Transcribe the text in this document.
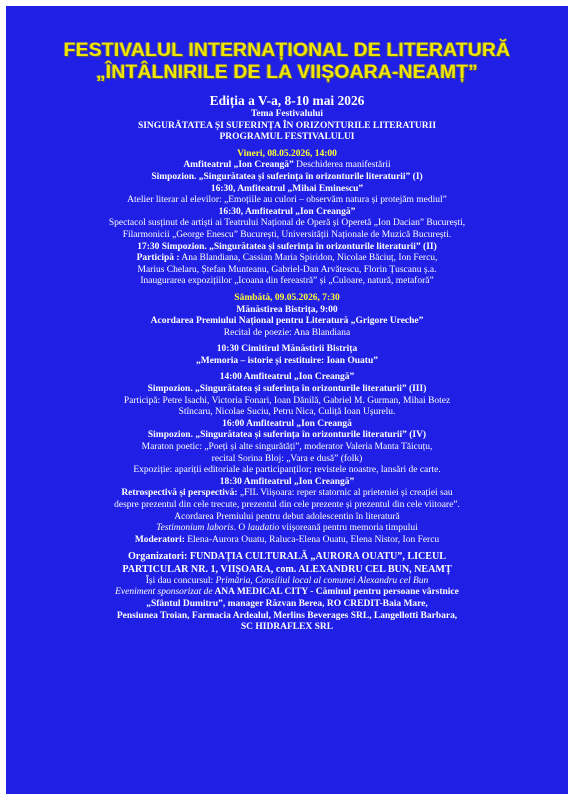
FESTIVALUL INTERNAȚIONAL DE LITERATURĂ
„ÎNTÂLNIRILE DE LA VIIȘOARA-NEAMȚ”
Ediția a V-a, 8-10 mai 2026
Tema Festivalului
SINGURĂTATEA ȘI SUFERINȚA ÎN ORIZONTURILE LITERATURII
PROGRAMUL FESTIVALULUI
Vineri, 08.05.2026, 14:00
Amfiteatrul „Ion Creangă” Deschiderea manifestării
Simpozion. „Singurătatea și suferința în orizonturile literaturii” (I)
16:30, Amfiteatrul „Mihai Eminescu”
Atelier literar al elevilor: „Emoțiile au culori – observăm natura și protejăm mediul”
16:30, Amfiteatrul „Ion Creangă”
Spectacol susținut de artiști ai Teatrului Național de Operă și Operetă „Ion Dacian” București,
Filarmonicii „George Enescu” București, Universității Naționale de Muzică București.
17:30 Simpozion. „Singurătatea și suferința în orizonturile literaturii” (II)
Participă : Ana Blandiana, Cassian Maria Spiridon, Nicolae Băciuț, Ion Fercu,
Marius Chelaru, Ștefan Munteanu, Gabriel-Dan Arvătescu, Florin Țuscanu ș.a.
Inaugurarea expozițiilor „Icoana din fereastră” și „Culoare, natură, metaforă”
Sâmbătă, 09.05.2026, 7:30
Mănăstirea Bistrița, 9:00
Acordarea Premiului Național pentru Literatură „Grigore Ureche”
Recital de poezie: Ana Blandiana
10:30 Cimitirul Mănăstirii Bistrița
„Memoria – istorie și restituire: Ioan Ouatu”
14:00 Amfiteatrul „Ion Creangă”
Simpozion. „Singurătatea și suferința în orizonturile literaturii” (III)
Participă: Petre Isachi, Victoria Fonari, Ioan Dănilă, Gabriel M. Gurman, Mihai Botez
Stîncaru, Nicolae Suciu, Petru Nica, Culiță Ioan Ușurelu.
16:00 Amfiteatrul „Ion Creangă
Simpozion. „Singurătatea și suferința în orizonturile literaturii” (IV)
Maraton poetic: „Poeți și alte singurătăți”, moderator Valeria Manta Tăicuțu,
recital Sorina Bloj: „Vara e dusă” (folk)
Expoziție: apariții editoriale ale participanților; revistele noastre, lansări de carte.
18:30 Amfiteatrul „Ion Creangă”
Retrospectivă și perspectivă: „FIL Viișoara: reper statornic al prieteniei și creației sau
despre prezentul din cele trecute, prezentul din cele prezente și prezentul din cele viitoare”.
Acordarea Premiului pentru debut adolescentin în literatură
Testimonium laboris. O laudatio viișoreană pentru memoria timpului
Moderatori: Elena-Aurora Ouatu, Raluca-Elena Ouatu, Elena Nistor, Ion Fercu
Organizatori: FUNDAȚIA CULTURALĂ „AURORA OUATU”, LICEUL
PARTICULAR NR. 1, VIIȘOARA, com. ALEXANDRU CEL BUN, NEAMȚ
Își dau concursul: Primăria, Consiliul local al comunei Alexandru cel Bun
Eveniment sponsorizat de ANA MEDICAL CITY - Căminul pentru persoane vârstnice
„Sfântul Dumitru”, manager Răzvan Berea, RO CREDIT-Baia Mare,
Pensiunea Troian, Farmacia Ardealul, Merlins Beverages SRL, Langellotti Barbara,
SC HIDRAFLEX SRL
